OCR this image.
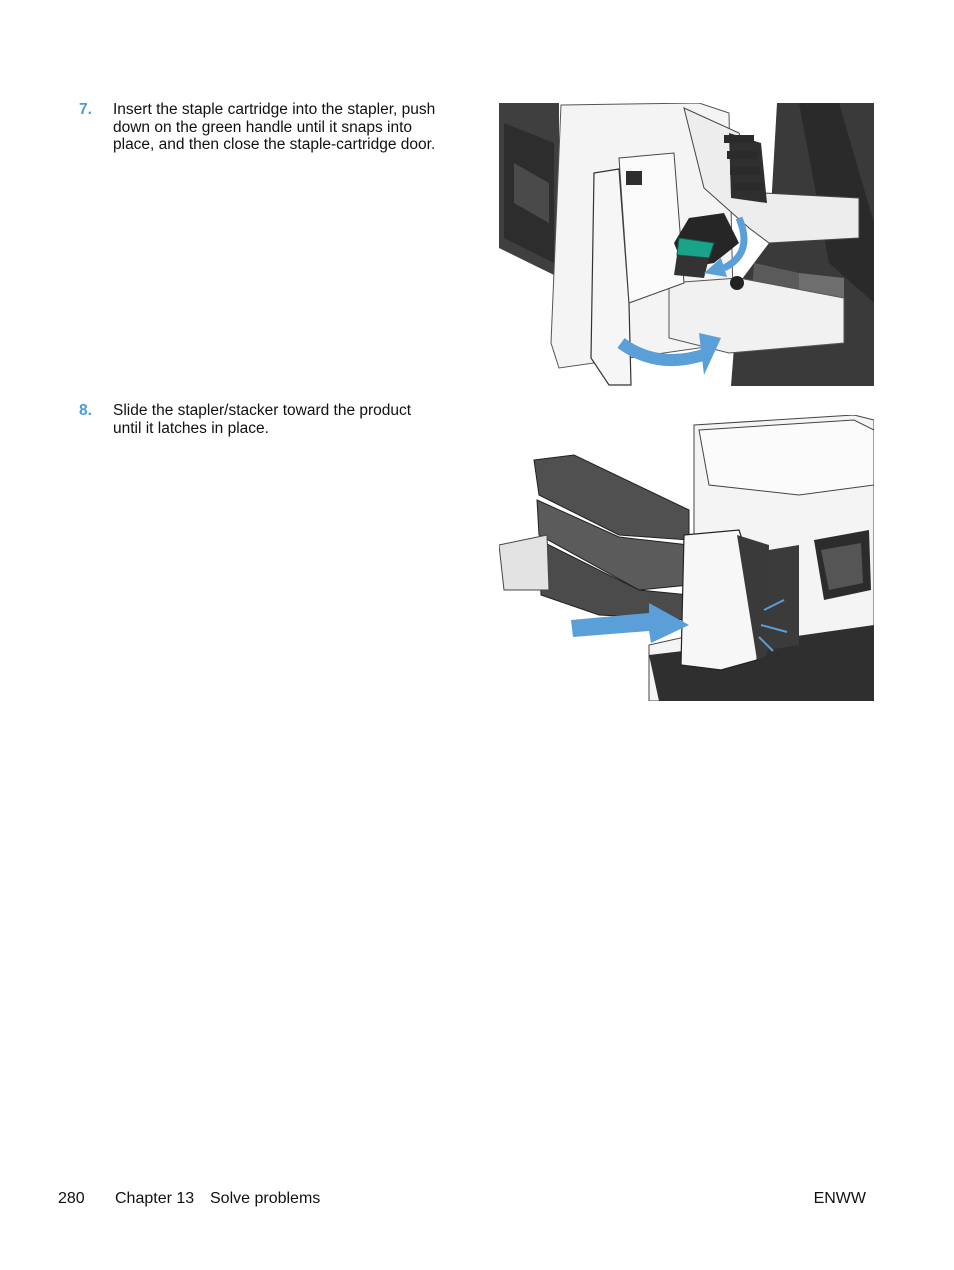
7. Insert the staple cartridge into the stapler, push down on the green handle until it snaps into place, and then close the staple-cartridge door.
8. Slide the stapler/stacker toward the product until it latches in place.
280 Chapter 13 Solve problems	ENWW
